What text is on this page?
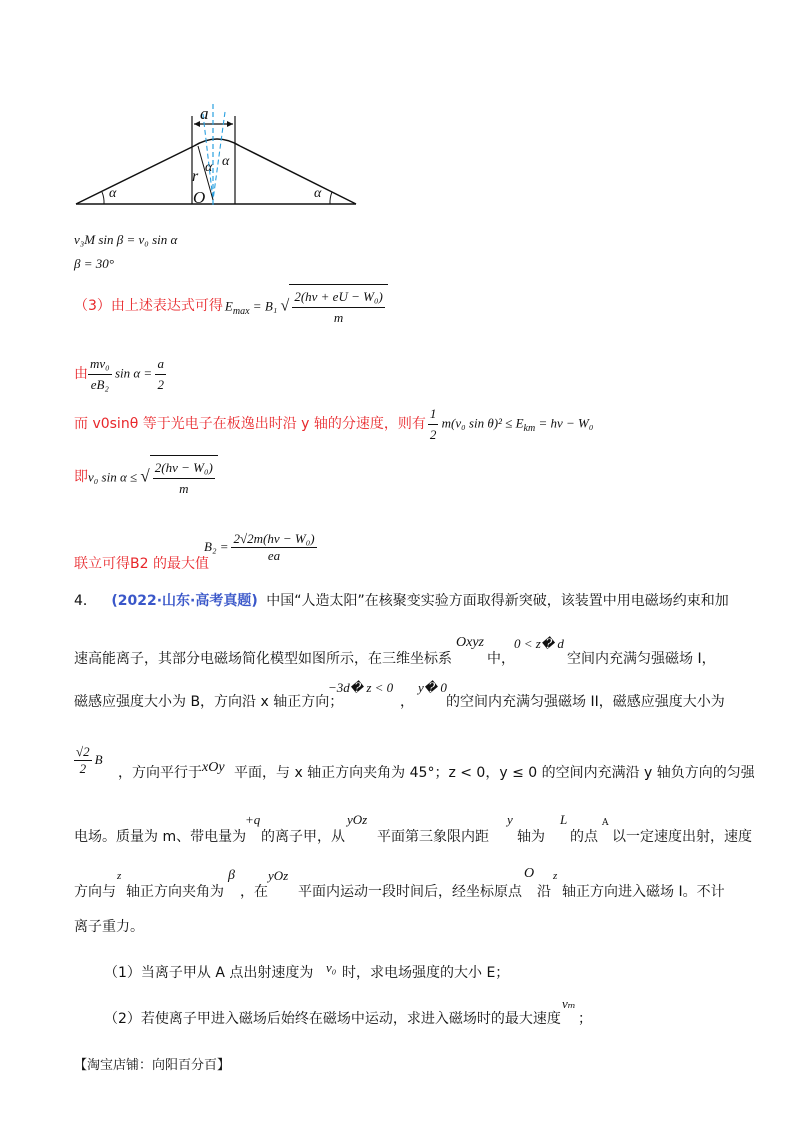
a
r
α α
O
α	α
v₃M sin β = v₀ sin α
β = 30°
（3）由上述表达式可得 $E_{max} = B_1$ √ $\frac{\text{2(hν + eU − W₀)}}{m}$
由 $\frac{\text{mv₀}}{\text{eB₂}}$ $\sin \alpha = \frac{a}{2}$
而 v0sinθ 等于光电子在板逸出时沿 y 轴的分速度，则有 $\frac{1}{2} m(v_0$ $\sin \theta)^2 \le E_{km} = h\nu - W_0$
即 v₀ sin α ≤ √ $\frac{\text{2(hν − W₀)}}{m}$
联立可得B2 的最大值
$B_2 = \frac{\text{2√2m(hν − W₀)}}{ea}$
4． (2022·山东·高考真题) 中国“人造太阳”在核聚变实验方面取得新突破，该装置中用电磁场约束和加
速高能离子，其部分电磁场简化模型如图所示，在三维坐标系
Oxyz
中，
0 < z� d
空间内充满匀强磁场 I，
磁感应强度大小为 B，方向沿 x 轴正方向；
−3d� z < 0
，
y� 0
的空间内充满匀强磁场 II，磁感应强度大小为
$\frac{√2}{2}$ B
，方向平行于 xOy 平面，与 x 轴正方向夹角为 45°；z < 0，y ≤ 0 的空间内充满沿 y 轴负方向的匀强
电场。质量为 m、带电量为
+q
的离子甲，从
yOz
平面第三象限内距
y
轴为
L
的点
A
以一定速度出射，速度
方向与
z
轴正方向夹角为
β
，在
yOz
平面内运动一段时间后，经坐标原点
O
沿
z
轴正方向进入磁场 I。不计
离子重力。
（1）当离子甲从 A 点出射速度为 v₀ 时，求电场强度的大小 E；
（2）若使离子甲进入磁场后始终在磁场中运动，求进入磁场时的最大速度
vₘ
；
【淘宝店铺：向阳百分百】
